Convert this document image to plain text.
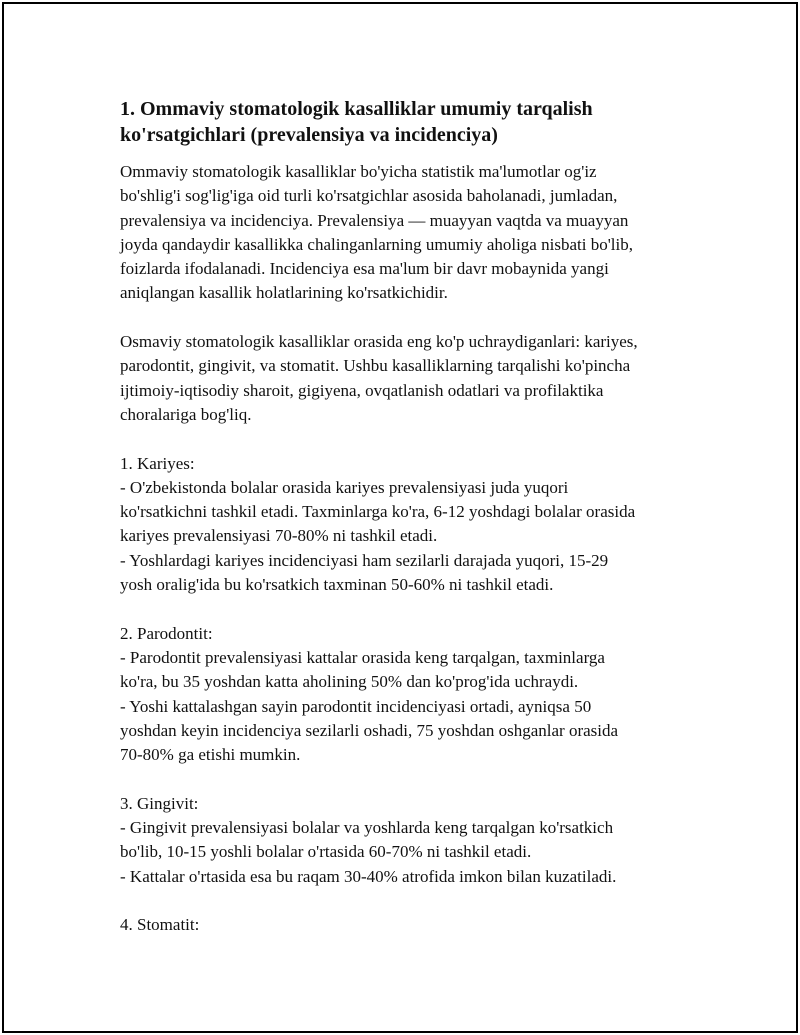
1. Ommaviy stomatologik kasalliklar umumiy tarqalish
ko'rsatgichlari (prevalensiya va incidenciya)

Ommaviy stomatologik kasalliklar bo'yicha statistik ma'lumotlar og'iz
bo'shlig'i sog'lig'iga oid turli ko'rsatgichlar asosida baholanadi, jumladan,
prevalensiya va incidenciya. Prevalensiya — muayyan vaqtda va muayyan
joyda qandaydir kasallikka chalinganlarning umumiy aholiga nisbati bo'lib,
foizlarda ifodalanadi. Incidenciya esa ma'lum bir davr mobaynida yangi
aniqlangan kasallik holatlarining ko'rsatkichidir.

Osmaviy stomatologik kasalliklar orasida eng ko'p uchraydiganlari: kariyes,
parodontit, gingivit, va stomatit. Ushbu kasalliklarning tarqalishi ko'pincha
ijtimoiy-iqtisodiy sharoit, gigiyena, ovqatlanish odatlari va profilaktika
choralariga bog'liq.

1. Kariyes:
- O'zbekistonda bolalar orasida kariyes prevalensiyasi juda yuqori
ko'rsatkichni tashkil etadi. Taxminlarga ko'ra, 6-12 yoshdagi bolalar orasida
kariyes prevalensiyasi 70-80% ni tashkil etadi.
- Yoshlardagi kariyes incidenciyasi ham sezilarli darajada yuqori, 15-29
yosh oralig'ida bu ko'rsatkich taxminan 50-60% ni tashkil etadi.

2. Parodontit:
- Parodontit prevalensiyasi kattalar orasida keng tarqalgan, taxminlarga
ko'ra, bu 35 yoshdan katta aholining 50% dan ko'prog'ida uchraydi.
- Yoshi kattalashgan sayin parodontit incidenciyasi ortadi, ayniqsa 50
yoshdan keyin incidenciya sezilarli oshadi, 75 yoshdan oshganlar orasida
70-80% ga etishi mumkin.

3. Gingivit:
- Gingivit prevalensiyasi bolalar va yoshlarda keng tarqalgan ko'rsatkich
bo'lib, 10-15 yoshli bolalar o'rtasida 60-70% ni tashkil etadi.
- Kattalar o'rtasida esa bu raqam 30-40% atrofida imkon bilan kuzatiladi.

4. Stomatit:
